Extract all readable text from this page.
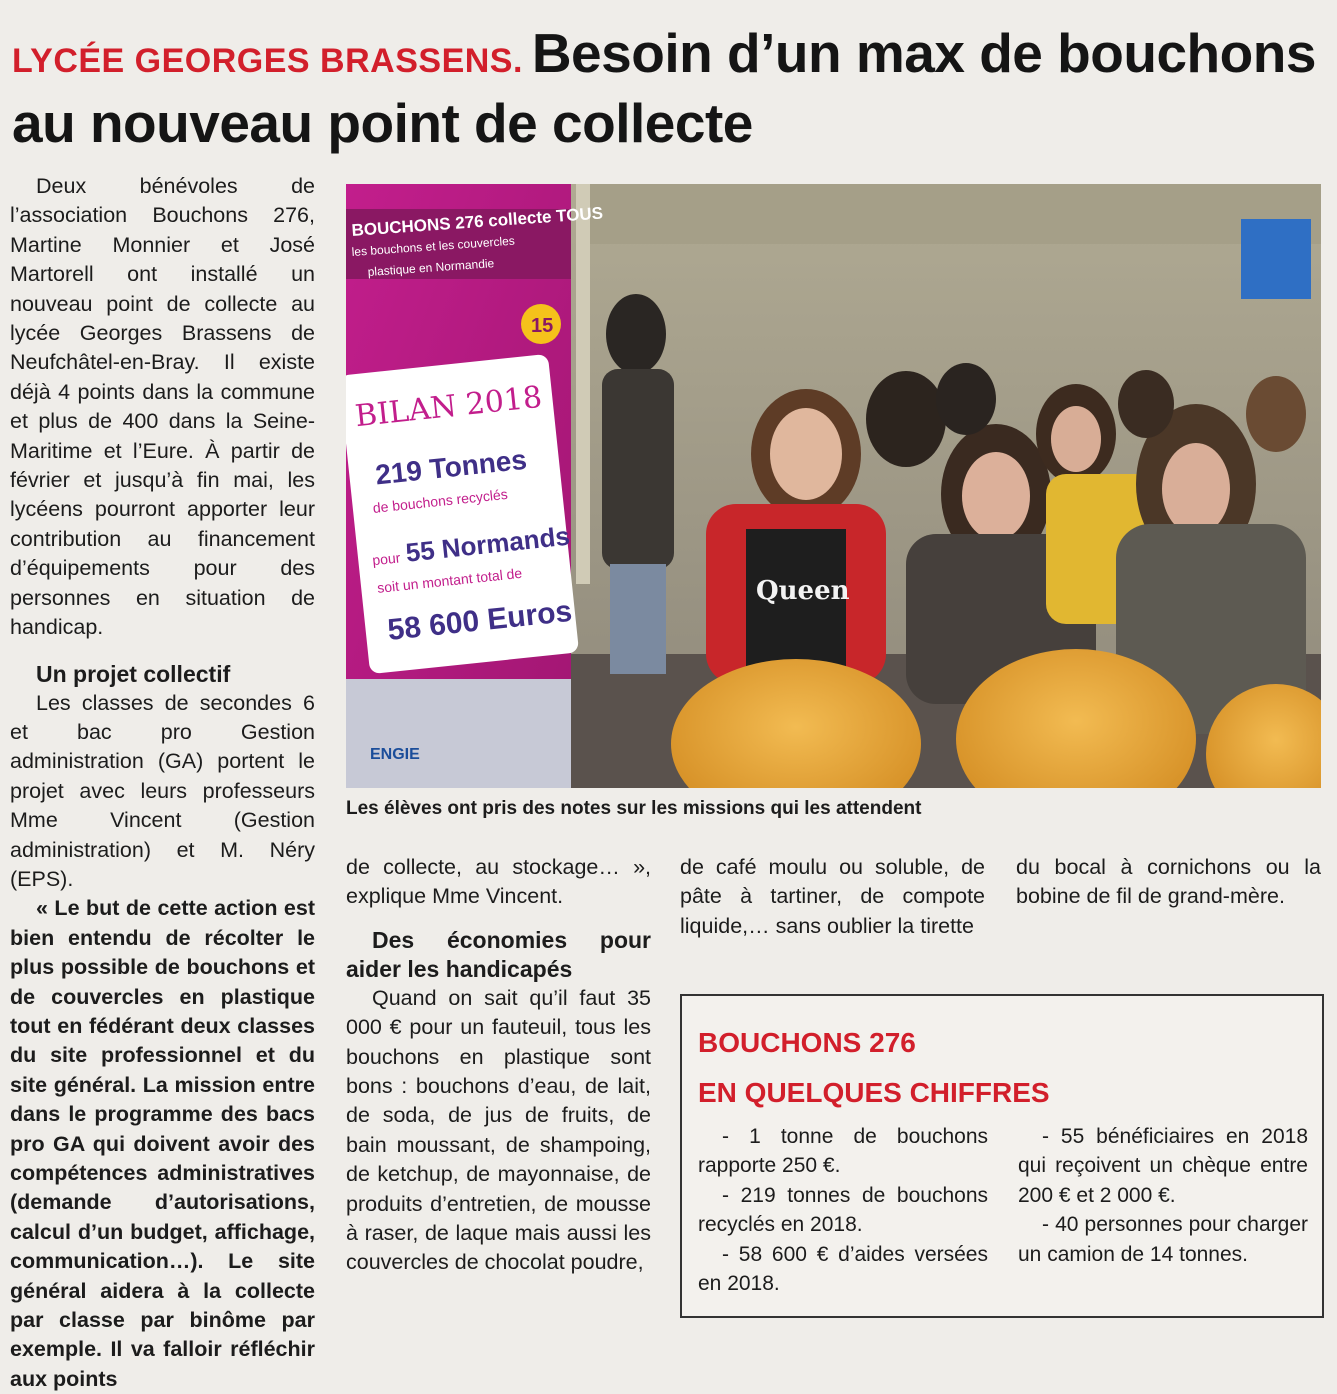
LYCÉE GEORGES BRASSENS. Besoin d’un max de bouchons au nouveau point de collecte

Deux bénévoles de l’association Bouchons 276, Martine Monnier et José Martorell ont installé un nouveau point de collecte au lycée Georges Brassens de Neufchâtel-en-Bray. Il existe déjà 4 points dans la commune et plus de 400 dans la Seine-Maritime et l’Eure. À partir de février et jusqu’à fin mai, les lycéens pourront apporter leur contribution au financement d’équipements pour des personnes en situation de handicap.

Un projet collectif

Les classes de secondes 6 et bac pro Gestion administration (GA) portent le projet avec leurs professeurs Mme Vincent (Gestion administration) et M. Néry (EPS).

« Le but de cette action est bien entendu de récolter le plus possible de bouchons et de couvercles en plastique tout en fédérant deux classes du site professionnel et du site général. La mission entre dans le programme des bacs pro GA qui doivent avoir des compétences administratives (demande d’autorisations, calcul d’un budget, affichage, communication…). Le site général aidera à la collecte par classe par binôme par exemple. Il va falloir réfléchir aux points

de collecte, au stockage… », explique Mme Vincent.

Des économies pour aider les handicapés

Quand on sait qu’il faut 35 000 € pour un fauteuil, tous les bouchons en plastique sont bons : bouchons d’eau, de lait, de soda, de jus de fruits, de bain moussant, de shampoing, de ketchup, de mayonnaise, de produits d’entretien, de mousse à raser, de laque mais aussi les couvercles de chocolat poudre,

de café moulu ou soluble, de pâte à tartiner, de compote liquide,… sans oublier la tirette

du bocal à cornichons ou la bobine de fil de grand-mère.

BOUCHONS 276 collecte TOUS
les bouchons et les couvercles
plastique en Normandie
15
BILAN 2018
219 Tonnes
de bouchons recyclés
pour 55 Normands
soit un montant total de
58 600 Euros
ENGIE
Queen
Les élèves ont pris des notes sur les missions qui les attendent
BOUCHONS 276
EN QUELQUES CHIFFRES

- 1 tonne de bouchons rapporte 250 €.

- 219 tonnes de bouchons recyclés en 2018.

- 58 600 € d’aides versées en 2018.

- 55 bénéficiaires en 2018 qui reçoivent un chèque entre 200 € et 2 000 €.

- 40 personnes pour charger un camion de 14 tonnes.
